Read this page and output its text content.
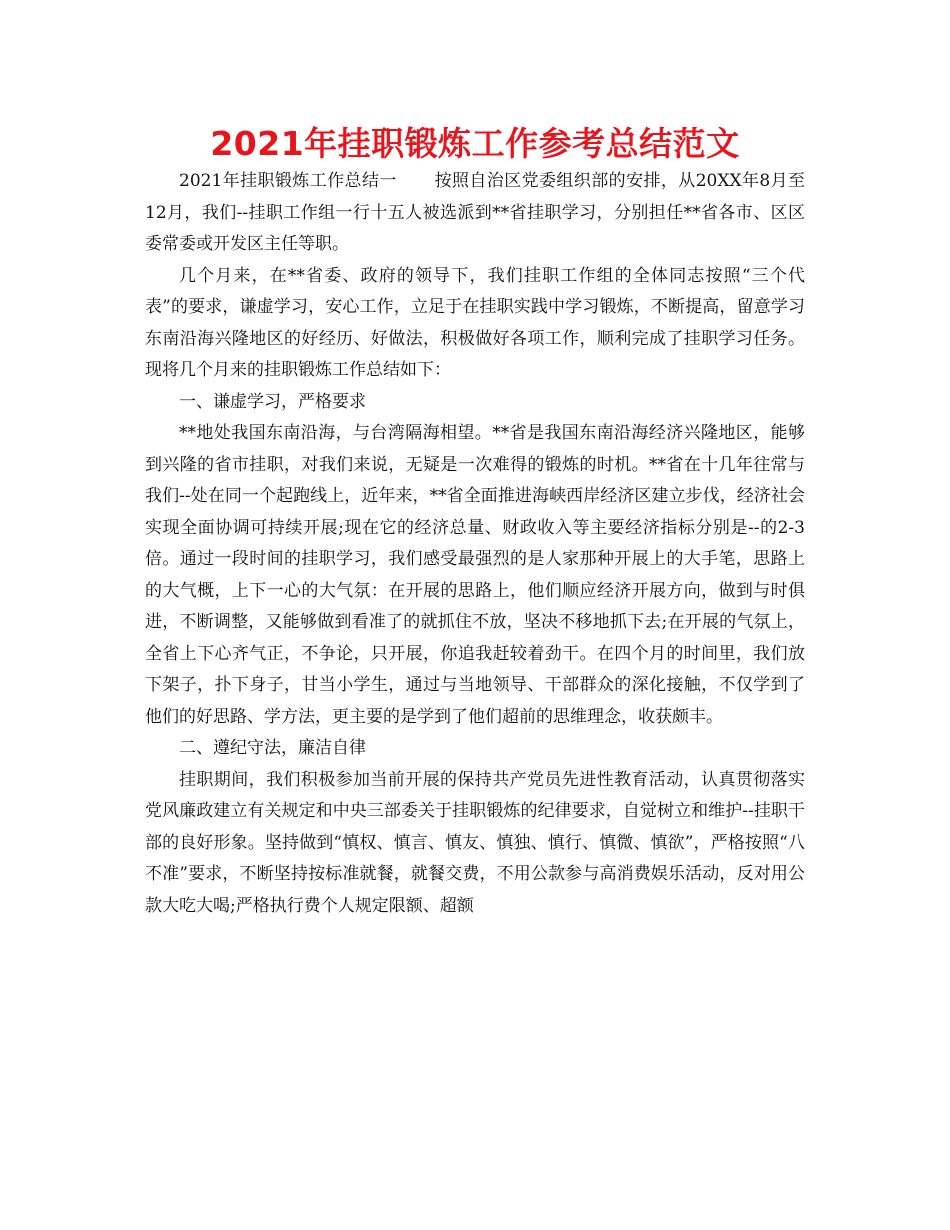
2021年挂职锻炼工作参考总结范文

2021年挂职锻炼工作总结一 按照自治区党委组织部的安排，从20XX年8月至12月，我们--挂职工作组一行十五人被选派到**省挂职学习，分别担任**省各市、区区委常委或开发区主任等职。

几个月来，在**省委、政府的领导下，我们挂职工作组的全体同志按照“三个代表”的要求，谦虚学习，安心工作，立足于在挂职实践中学习锻炼，不断提高，留意学习东南沿海兴隆地区的好经历、好做法，积极做好各项工作，顺利完成了挂职学习任务。现将几个月来的挂职锻炼工作总结如下：

一、谦虚学习，严格要求

**地处我国东南沿海，与台湾隔海相望。**省是我国东南沿海经济兴隆地区，能够到兴隆的省市挂职，对我们来说，无疑是一次难得的锻炼的时机。**省在十几年往常与我们--处在同一个起跑线上，近年来，**省全面推进海峡西岸经济区建立步伐，经济社会实现全面协调可持续开展;现在它的经济总量、财政收入等主要经济指标分别是--的2-3倍。通过一段时间的挂职学习，我们感受最强烈的是人家那种开展上的大手笔，思路上的大气概，上下一心的大气氛：在开展的思路上，他们顺应经济开展方向，做到与时俱进，不断调整，又能够做到看准了的就抓住不放，坚决不移地抓下去;在开展的气氛上，全省上下心齐气正，不争论，只开展，你追我赶较着劲干。在四个月的时间里，我们放下架子，扑下身子，甘当小学生，通过与当地领导、干部群众的深化接触，不仅学到了他们的好思路、学方法，更主要的是学到了他们超前的思维理念，收获颇丰。

二、遵纪守法，廉洁自律

挂职期间，我们积极参加当前开展的保持共产党员先进性教育活动，认真贯彻落实党风廉政建立有关规定和中央三部委关于挂职锻炼的纪律要求，自觉树立和维护--挂职干部的良好形象。坚持做到“慎权、慎言、慎友、慎独、慎行、慎微、慎欲”，严格按照“八不准”要求，不断坚持按标准就餐，就餐交费，不用公款参与高消费娱乐活动，反对用公款大吃大喝;严格执行费个人规定限额、超额
